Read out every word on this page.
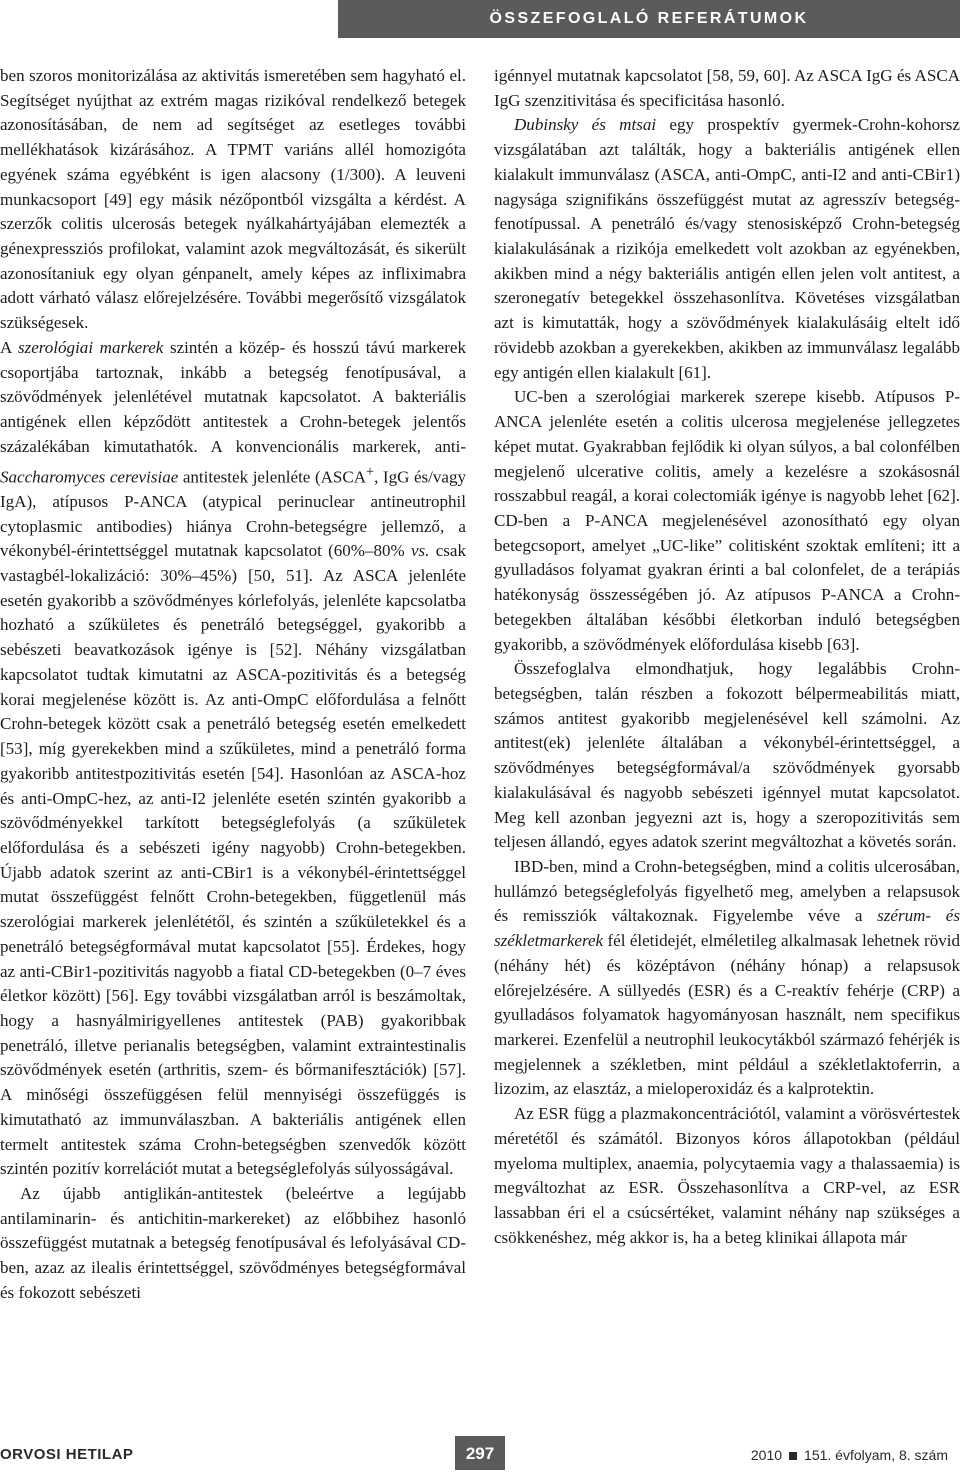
ÖSSZEFOGLALÓ REFERÁTUMOK

ben szoros monitorizálása az aktivitás ismeretében sem hagyható el. Segítséget nyújthat az extrém magas rizikóval rendelkező betegek azonosításában, de nem ad segítséget az esetleges további mellékhatások kizárásához. A TPMT variáns allél homozigóta egyének száma egyébként is igen alacsony (1/300). A leuveni munkacsoport [49] egy másik nézőpontból vizsgálta a kérdést. A szerzők colitis ulcerosás betegek nyálkahártyájában elemezték a génexpressziós profilokat, valamint azok megváltozását, és sikerült azonosítaniuk egy olyan génpanelt, amely képes az infliximabra adott várható válasz előrejelzésére. További megerősítő vizsgálatok szükségesek.

A szerológiai markerek szintén a közép- és hosszú távú markerek csoportjába tartoznak, inkább a betegség fenotípusával, a szövődmények jelenlétével mutatnak kapcsolatot. A bakteriális antigének ellen képződött antitestek a Crohn-betegek jelentős százalékában kimutathatók. A konvencionális markerek, anti-Saccharomyces cerevisiae antitestek jelenléte (ASCA+, IgG és/vagy IgA), atípusos P-ANCA (atypical perinuclear antineutrophil cytoplasmic antibodies) hiánya Crohn-betegségre jellemző, a vékonybél-érintettséggel mutatnak kapcsolatot (60%–80% vs. csak vastagbél-lokalizáció: 30%–45%) [50, 51]. Az ASCA jelenléte esetén gyakoribb a szövődményes kórlefolyás, jelenléte kapcsolatba hozható a szűkületes és penetráló betegséggel, gyakoribb a sebészeti beavatkozások igénye is [52]. Néhány vizsgálatban kapcsolatot tudtak kimutatni az ASCA-pozitivitás és a betegség korai megjelenése között is. Az anti-OmpC előfordulása a felnőtt Crohn-betegek között csak a penetráló betegség esetén emelkedett [53], míg gyerekekben mind a szűkületes, mind a penetráló forma gyakoribb antitestpozitivitás esetén [54]. Hasonlóan az ASCA-hoz és anti-OmpC-hez, az anti-I2 jelenléte esetén szintén gyakoribb a szövődményekkel tarkított betegséglefolyás (a szűkületek előfordulása és a sebészeti igény nagyobb) Crohn-betegekben. Újabb adatok szerint az anti-CBir1 is a vékonybél-érintettséggel mutat összefüggést felnőtt Crohn-betegekben, függetlenül más szerológiai markerek jelenlététől, és szintén a szűkületekkel és a penetráló betegségformával mutat kapcsolatot [55]. Érdekes, hogy az anti-CBir1-pozitivitás nagyobb a fiatal CD-betegekben (0–7 éves életkor között) [56]. Egy további vizsgálatban arról is beszámoltak, hogy a hasnyálmirigyellenes antitestek (PAB) gyakoribbak penetráló, illetve perianalis betegségben, valamint extraintestinalis szövődmények esetén (arthritis, szem- és bőrmanifesztációk) [57]. A minőségi összefüggésen felül mennyiségi összefüggés is kimutatható az immunválaszban. A bakteriális antigének ellen termelt antitestek száma Crohn-betegségben szenvedők között szintén pozitív korrelációt mutat a betegséglefolyás súlyosságával.

Az újabb antiglikán-antitestek (beleértve a legújabb antilaminarin- és antichitin-markereket) az előbbihez hasonló összefüggést mutatnak a betegség fenotípusával és lefolyásával CD-ben, azaz az ilealis érintettséggel, szövődményes betegségformával és fokozott sebészeti

igénnyel mutatnak kapcsolatot [58, 59, 60]. Az ASCA IgG és ASCA IgG szenzitivitása és specificitása hasonló.

Dubinsky és mtsai egy prospektív gyermek-Crohn-kohorsz vizsgálatában azt találták, hogy a bakteriális antigének ellen kialakult immunválasz (ASCA, anti-OmpC, anti-I2 and anti-CBir1) nagysága szignifikáns összefüggést mutat az agresszív betegség-fenotípussal. A penetráló és/vagy stenosisképző Crohn-betegség kialakulásának a rizikója emelkedett volt azokban az egyénekben, akikben mind a négy bakteriális antigén ellen jelen volt antitest, a szeronegatív betegekkel összehasonlítva. Követéses vizsgálatban azt is kimutatták, hogy a szövődmények kialakulásáig eltelt idő rövidebb azokban a gyerekekben, akikben az immunválasz legalább egy antigén ellen kialakult [61].

UC-ben a szerológiai markerek szerepe kisebb. Atípusos P-ANCA jelenléte esetén a colitis ulcerosa megjelenése jellegzetes képet mutat. Gyakrabban fejlődik ki olyan súlyos, a bal colonfélben megjelenő ulcerative colitis, amely a kezelésre a szokásosnál rosszabbul reagál, a korai colectomiák igénye is nagyobb lehet [62]. CD-ben a P-ANCA megjelenésével azonosítható egy olyan betegcsoport, amelyet „UC-like” colitisként szoktak említeni; itt a gyulladásos folyamat gyakran érinti a bal colonfelet, de a terápiás hatékonyság összességében jó. Az atípusos P-ANCA a Crohn-betegekben általában későbbi életkorban induló betegségben gyakoribb, a szövődmények előfordulása kisebb [63].

Összefoglalva elmondhatjuk, hogy legalábbis Crohn-betegségben, talán részben a fokozott bélpermeabilitás miatt, számos antitest gyakoribb megjelenésével kell számolni. Az antitest(ek) jelenléte általában a vékonybél-érintettséggel, a szövődményes betegségformával/a szövődmények gyorsabb kialakulásával és nagyobb sebészeti igénnyel mutat kapcsolatot. Meg kell azonban jegyezni azt is, hogy a szeropozitivitás sem teljesen állandó, egyes adatok szerint megváltozhat a követés során.

IBD-ben, mind a Crohn-betegségben, mind a colitis ulcerosában, hullámzó betegséglefolyás figyelhető meg, amelyben a relapsusok és remissziók váltakoznak. Figyelembe véve a szérum- és székletmarkerek fél életidejét, elméletileg alkalmasak lehetnek rövid (néhány hét) és középtávon (néhány hónap) a relapsusok előrejelzésére. A süllyedés (ESR) és a C-reaktív fehérje (CRP) a gyulladásos folyamatok hagyományosan használt, nem specifikus markerei. Ezenfelül a neutrophil leukocytákból származó fehérjék is megjelennek a székletben, mint például a székletlaktoferrin, a lizozim, az elasztáz, a mieloperoxidáz és a kalprotektin.

Az ESR függ a plazmakoncentrációtól, valamint a vörösvértestek méretétől és számától. Bizonyos kóros állapotokban (például myeloma multiplex, anaemia, polycytaemia vagy a thalassaemia) is megváltozhat az ESR. Összehasonlítva a CRP-vel, az ESR lassabban éri el a csúcsértéket, valamint néhány nap szükséges a csökkenéshez, még akkor is, ha a beteg klinikai állapota már

ORVOSI HETILAP	297	2010 151. évfolyam, 8. szám
